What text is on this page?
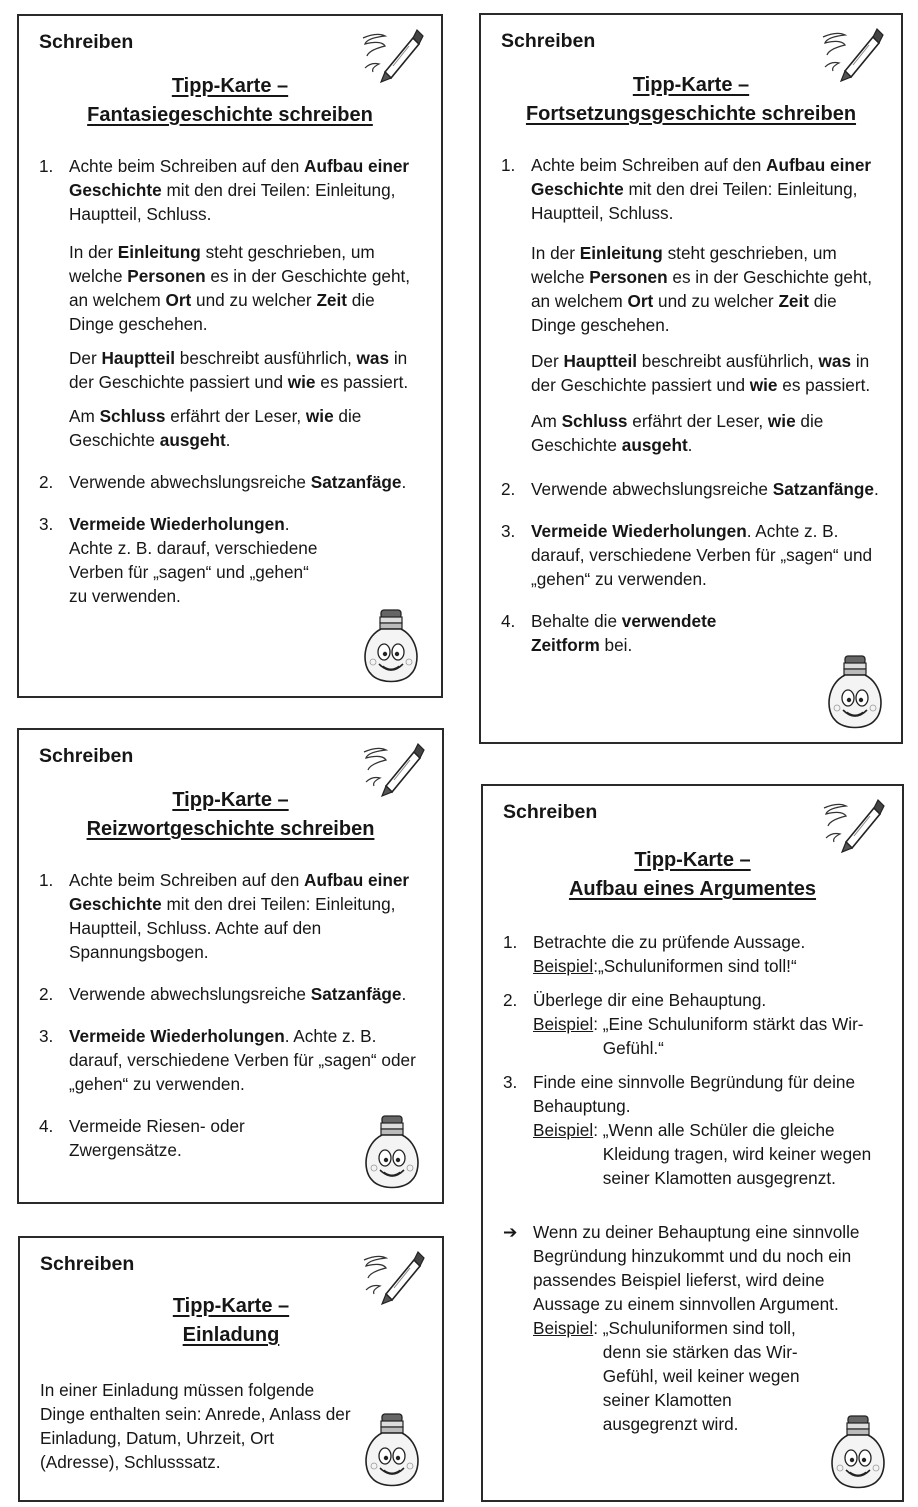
Schreiben
Tipp-Karte –
Fantasiegeschichte schreiben
1. Achte beim Schreiben auf den Aufbau einer Geschichte mit den drei Teilen: Einleitung, Hauptteil, Schluss.

In der Einleitung steht geschrieben, um welche Personen es in der Geschichte geht, an welchem Ort und zu welcher Zeit die Dinge geschehen.

Der Hauptteil beschreibt ausführlich, was in der Geschichte passiert und wie es passiert.

Am Schluss erfährt der Leser, wie die Geschichte ausgeht.

2. Verwende abwechslungsreiche Satzanfäge.

3. Vermeide Wiederholungen. Achte z. B. darauf, verschiedene Verben für „sagen“ und „gehen“ zu verwenden.

Schreiben
Tipp-Karte –
Fortsetzungsgeschichte schreiben
1. Achte beim Schreiben auf den Aufbau einer Geschichte mit den drei Teilen: Einleitung, Hauptteil, Schluss.

In der Einleitung steht geschrieben, um welche Personen es in der Geschichte geht, an welchem Ort und zu welcher Zeit die Dinge geschehen.

Der Hauptteil beschreibt ausführlich, was in der Geschichte passiert und wie es passiert.

Am Schluss erfährt der Leser, wie die Geschichte ausgeht.

2. Verwende abwechslungsreiche Satzanfänge.

3. Vermeide Wiederholungen. Achte z. B. darauf, verschiedene Verben für „sagen“ und „gehen“ zu verwenden.

4. Behalte die verwendete Zeitform bei.

Schreiben
Tipp-Karte –
Reizwortgeschichte schreiben
1. Achte beim Schreiben auf den Aufbau einer Geschichte mit den drei Teilen: Einleitung, Hauptteil, Schluss. Achte auf den Spannungsbogen.

2. Verwende abwechslungsreiche Satzanfäge.

3. Vermeide Wiederholungen. Achte z. B. darauf, verschiedene Verben für „sagen“ oder „gehen“ zu verwenden.

4. Vermeide Riesen- oder Zwergensätze.

Schreiben
Tipp-Karte –
Einladung

In einer Einladung müssen folgende Dinge enthalten sein: Anrede, Anlass der Einladung, Datum, Uhrzeit, Ort (Adresse), Schlusssatz.

Schreiben
Tipp-Karte –
Aufbau eines Argumentes
1. Betrachte die zu prüfende Aussage.

Beispiel : „Schuluniformen sind toll!“
2. Überlege dir eine Behauptung.

Beispiel : „Eine Schuluniform stärkt das Wir-Gefühl.“
3. Finde eine sinnvolle Begründung für deine Behauptung.

Beispiel : „Wenn alle Schüler die gleiche Kleidung tragen, wird keiner wegen seiner Klamotten ausgegrenzt.
➔ Wenn zu deiner Behauptung eine sinnvolle Begründung hinzukommt und du noch ein passendes Beispiel lieferst, wird deine Aussage zu einem sinnvollen Argument.

Beispiel : „Schuluniformen sind toll, denn sie stärken das Wir-Gefühl, weil keiner wegen seiner Klamotten ausgegrenzt wird.
